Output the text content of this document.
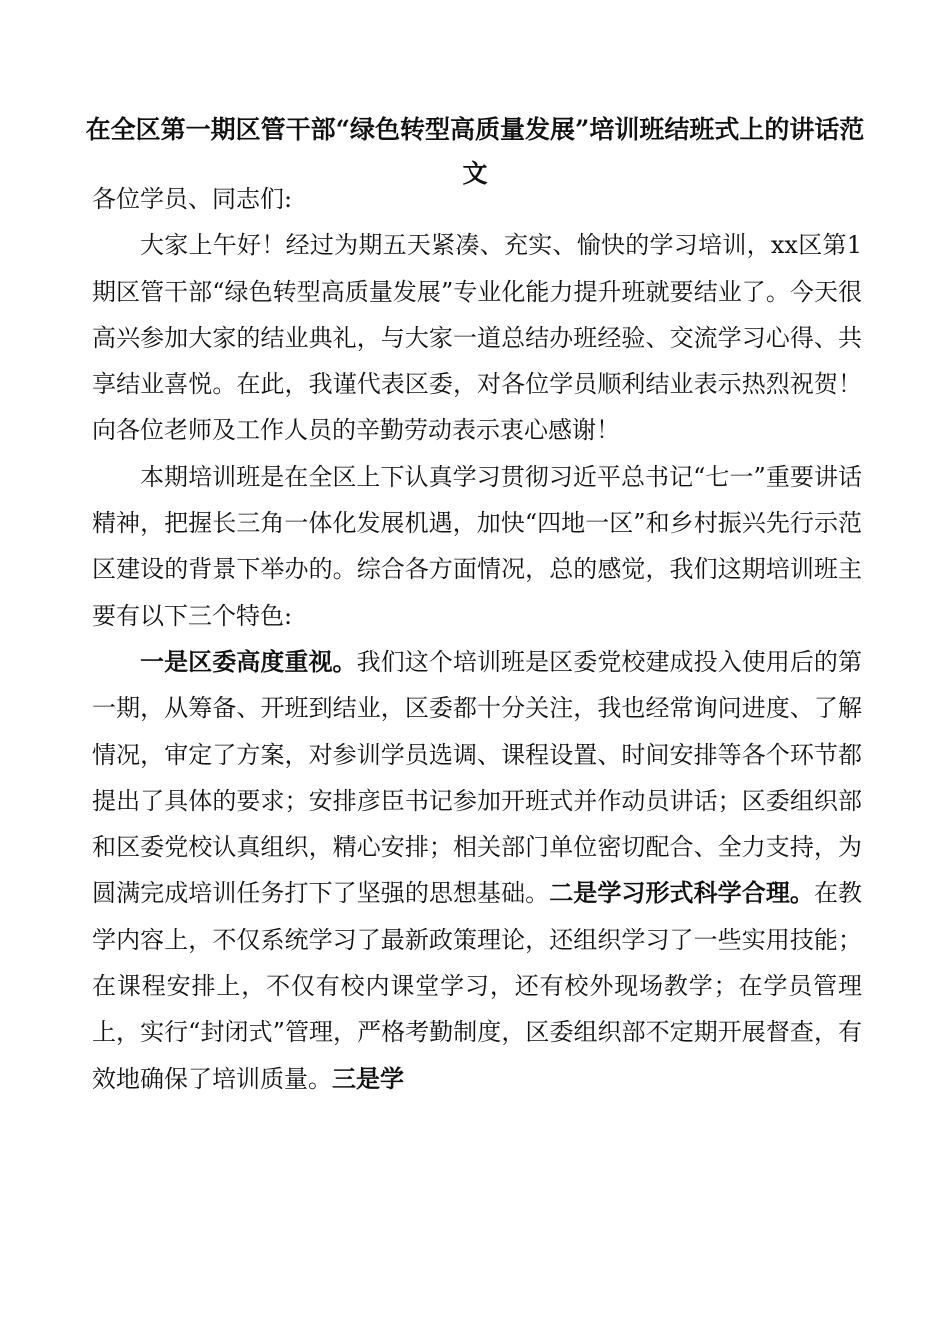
在全区第一期区管干部“绿色转型高质量发展”培训班结班式上的讲话范文

各位学员、同志们:

大家上午好！经过为期五天紧凑、充实、愉快的学习培训，xx区第1期区管干部“绿色转型高质量发展”专业化能力提升班就要结业了。今天很高兴参加大家的结业典礼，与大家一道总结办班经验、交流学习心得、共享结业喜悦。在此，我谨代表区委，对各位学员顺利结业表示热烈祝贺！向各位老师及工作人员的辛勤劳动表示衷心感谢！

本期培训班是在全区上下认真学习贯彻习近平总书记“七一”重要讲话精神，把握长三角一体化发展机遇，加快“四地一区”和乡村振兴先行示范区建设的背景下举办的。综合各方面情况，总的感觉，我们这期培训班主要有以下三个特色:

一是区委高度重视。我们这个培训班是区委党校建成投入使用后的第一期，从筹备、开班到结业，区委都十分关注，我也经常询问进度、了解情况，审定了方案，对参训学员选调、课程设置、时间安排等各个环节都提出了具体的要求；安排彦臣书记参加开班式并作动员讲话；区委组织部和区委党校认真组织，精心安排；相关部门单位密切配合、全力支持，为圆满完成培训任务打下了坚强的思想基础。二是学习形式科学合理。在教学内容上，不仅系统学习了最新政策理论，还组织学习了一些实用技能；在课程安排上，不仅有校内课堂学习，还有校外现场教学；在学员管理上，实行“封闭式”管理，严格考勤制度，区委组织部不定期开展督查，有效地确保了培训质量。三是学
